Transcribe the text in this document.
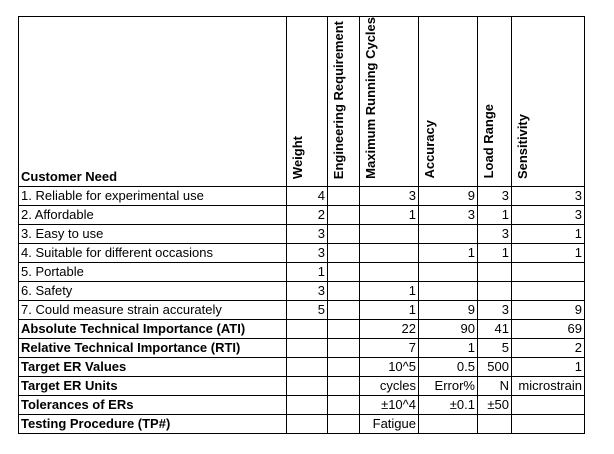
Customer Need	Weight	Engineering Requirement	Maximum Running Cycles	Accuracy	Load Range	Sensitivity
1. Reliable for experimental use	4		3	9	3	3
2. Affordable	2		1	3	1	3
3. Easy to use	3				3	1
4. Suitable for different occasions	3			1	1	1
5. Portable	1					
6. Safety	3		1			
7. Could measure strain accurately	5		1	9	3	9
Absolute Technical Importance (ATI)			22	90	41	69
Relative Technical Importance (RTI)			7	1	5	2
Target ER Values			10^5	0.5	500	1
Target ER Units			cycles	Error%	N	microstrain
Tolerances of ERs			±10^4	±0.1	±50	
Testing Procedure (TP#)			Fatigue			
